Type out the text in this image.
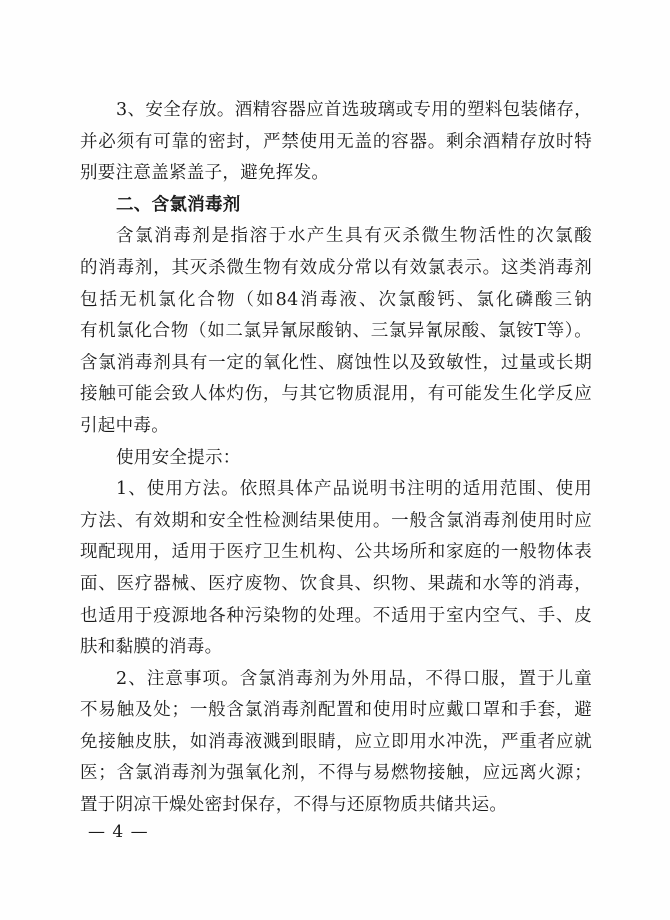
3、安全存放。酒精容器应首选玻璃或专用的塑料包装储存，
并必须有可靠的密封，严禁使用无盖的容器。剩余酒精存放时特
别要注意盖紧盖子，避免挥发。
二、含氯消毒剂
含氯消毒剂是指溶于水产生具有灭杀微生物活性的次氯酸
的消毒剂，其灭杀微生物有效成分常以有效氯表示。这类消毒剂
包括无机氯化合物（如84消毒液、次氯酸钙、氯化磷酸三钠
有机氯化合物（如二氯异氰尿酸钠、三氯异氰尿酸、氯铵T等）。
含氯消毒剂具有一定的氧化性、腐蚀性以及致敏性，过量或长期
接触可能会致人体灼伤，与其它物质混用，有可能发生化学反应
引起中毒。
使用安全提示：
1、使用方法。依照具体产品说明书注明的适用范围、使用
方法、有效期和安全性检测结果使用。一般含氯消毒剂使用时应
现配现用，适用于医疗卫生机构、公共场所和家庭的一般物体表
面、医疗器械、医疗废物、饮食具、织物、果蔬和水等的消毒，
也适用于疫源地各种污染物的处理。不适用于室内空气、手、皮
肤和黏膜的消毒。
2、注意事项。含氯消毒剂为外用品，不得口服，置于儿童
不易触及处；一般含氯消毒剂配置和使用时应戴口罩和手套，避
免接触皮肤，如消毒液溅到眼睛，应立即用水冲洗，严重者应就
医；含氯消毒剂为强氧化剂，不得与易燃物接触，应远离火源；
置于阴凉干燥处密封保存，不得与还原物质共储共运。
— 4 —
